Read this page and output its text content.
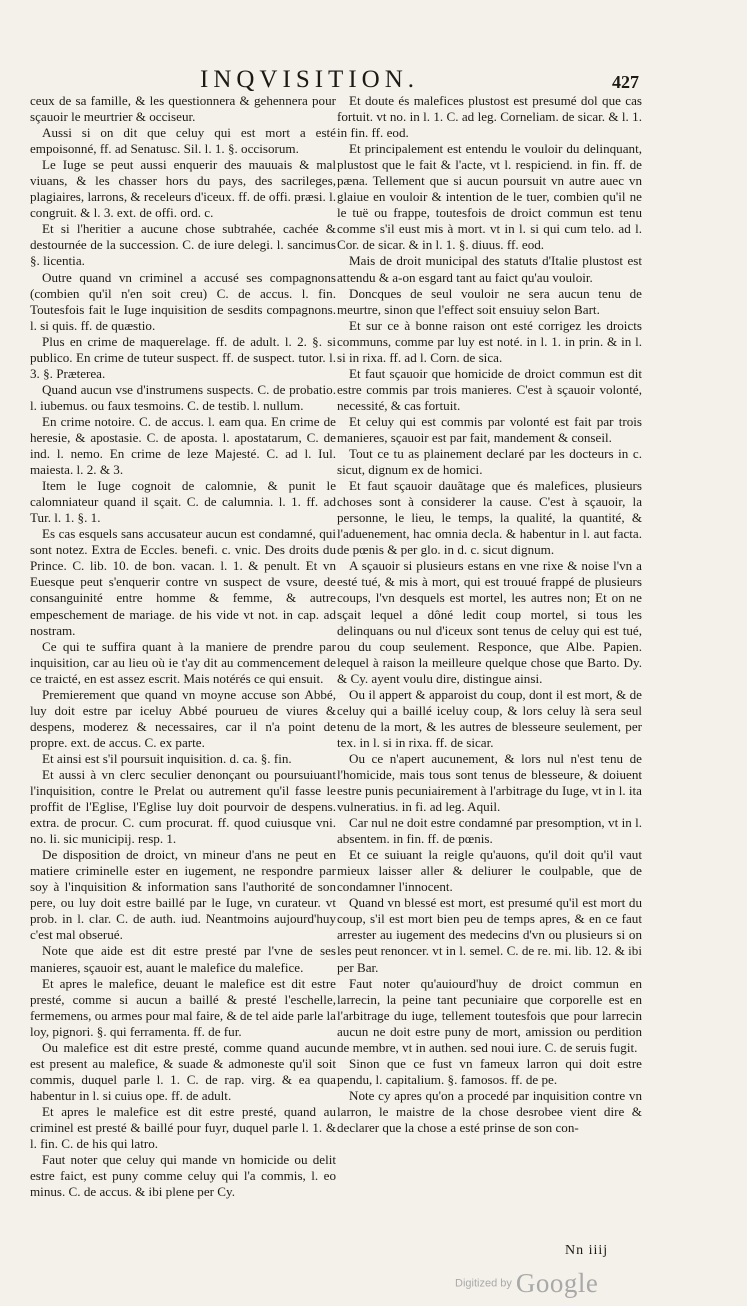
INQVISITION.	427

ceux de sa famille, & les questionnera & gehennera pour sçauoir le meurtrier & occiseur.

Aussi si on dit que celuy qui est mort a esté empoisonné, ff. ad Senatusc. Sil. l. 1. §. occisorum.

Le Iuge se peut aussi enquerir des mauuais & mal viuans, & les chasser hors du pays, des sacrileges, plagiaires, larrons, & receleurs d'iceux. ff. de offi. præsi. l. congruit. & l. 3. ext. de offi. ord. c.

Et si l'heritier a aucune chose subtrahée, cachée & destournée de la succession. C. de iure delegi. l. sancimus §. licentia.

Outre quand vn criminel a accusé ses compagnons (combien qu'il n'en soit creu) C. de accus. l. fin. Toutesfois fait le Iuge inquisition de sesdits compagnons. l. si quis. ff. de quæstio.

Plus en crime de maquerelage. ff. de adult. l. 2. §. si publico. En crime de tuteur suspect. ff. de suspect. tutor. l. 3. §. Præterea.

Quand aucun vse d'instrumens suspects. C. de probatio. l. iubemus. ou faux tesmoins. C. de testib. l. nullum.

En crime notoire. C. de accus. l. eam qua. En crime de heresie, & apostasie. C. de aposta. l. apostatarum, C. de ind. l. nemo. En crime de leze Majesté. C. ad l. Iul. maiesta. l. 2. & 3.

Item le Iuge cognoit de calomnie, & punit le calomniateur quand il sçait. C. de calumnia. l. 1. ff. ad Tur. l. 1. §. 1.

Es cas esquels sans accusateur aucun est condamné, qui sont notez. Extra de Eccles. benefi. c. vnic. Des droits du Prince. C. lib. 10. de bon. vacan. l. 1. & penult. Et vn Euesque peut s'enquerir contre vn suspect de vsure, de consanguinité entre homme & femme, & autre empeschement de mariage. de his vide vt not. in cap. ad nostram.

Ce qui te suffira quant à la maniere de prendre par inquisition, car au lieu où ie t'ay dit au commencement de ce traicté, en est assez escrit. Mais notérés ce qui ensuit.

Premierement que quand vn moyne accuse son Abbé, luy doit estre par iceluy Abbé pourueu de viures & despens, moderez & necessaires, car il n'a point de propre. ext. de accus. C. ex parte.

Et ainsi est s'il poursuit inquisition. d. ca. §. fin.

Et aussi à vn clerc seculier denonçant ou poursuiuant l'inquisition, contre le Prelat ou autrement qu'il fasse le proffit de l'Eglise, l'Eglise luy doit pourvoir de despens. extra. de procur. C. cum procurat. ff. quod cuiusque vni. no. li. sic municipij. resp. 1.

De disposition de droict, vn mineur d'ans ne peut en matiere criminelle ester en iugement, ne respondre par soy à l'inquisition & information sans l'authorité de son pere, ou luy doit estre baillé par le Iuge, vn curateur. vt prob. in l. clar. C. de auth. iud. Neantmoins aujourd'huy c'est mal obserué.

Note que aide est dit estre presté par l'vne de ses manieres, sçauoir est, auant le malefice du malefice.

Et apres le malefice, deuant le malefice est dit estre presté, comme si aucun a baillé & presté l'eschelle, fermemens, ou armes pour mal faire, & de tel aide parle la loy, pignori. §. qui ferramenta. ff. de fur.

Ou malefice est dit estre presté, comme quand aucun est present au malefice, & suade & admoneste qu'il soit commis, duquel parle l. 1. C. de rap. virg. & ea qua habentur in l. si cuius ope. ff. de adult.

Et apres le malefice est dit estre presté, quand au criminel est presté & baillé pour fuyr, duquel parle l. 1. & l. fin. C. de his qui latro.

Faut noter que celuy qui mande vn homicide ou delit estre faict, est puny comme celuy qui l'a commis, l. eo minus. C. de accus. & ibi plene per Cy.

Et doute és malefices plustost est presumé dol que cas fortuit. vt no. in l. 1. C. ad leg. Corneliam. de sicar. & l. 1. in fin. ff. eod.

Et principalement est entendu le vouloir du delinquant, plustost que le fait & l'acte, vt l. respiciend. in fin. ff. de pæna. Tellement que si aucun poursuit vn autre auec vn glaiue en vouloir & intention de le tuer, combien qu'il ne le tuë ou frappe, toutesfois de droict commun est tenu comme s'il eust mis à mort. vt in l. si qui cum telo. ad l. Cor. de sicar. & in l. 1. §. diuus. ff. eod.

Mais de droit municipal des statuts d'Italie plustost est attendu & a-on esgard tant au faict qu'au vouloir.

Doncques de seul vouloir ne sera aucun tenu de meurtre, sinon que l'effect soit ensuiuy selon Bart.

Et sur ce à bonne raison ont esté corrigez les droicts communs, comme par luy est noté. in l. 1. in prin. & in l. si in rixa. ff. ad l. Corn. de sica.

Et faut sçauoir que homicide de droict commun est dit estre commis par trois manieres. C'est à sçauoir volonté, necessité, & cas fortuit.

Et celuy qui est commis par volonté est fait par trois manieres, sçauoir est par fait, mandement & conseil.

Tout ce tu as plainement declaré par les docteurs in c. sicut, dignum ex de homici.

Et faut sçauoir dauãtage que és malefices, plusieurs choses sont à considerer la cause. C'est à sçauoir, la personne, le lieu, le temps, la qualité, la quantité, & l'aduenement, hac omnia decla. & habentur in l. aut facta. de pœnis & per glo. in d. c. sicut dignum.

A sçauoir si plusieurs estans en vne rixe & noise l'vn a esté tué, & mis à mort, qui est trouué frappé de plusieurs coups, l'vn desquels est mortel, les autres non; Et on ne sçait lequel a dôné ledit coup mortel, si tous les delinquans ou nul d'iceux sont tenus de celuy qui est tué, ou du coup seulement. Responce, que Albe. Papien. lequel à raison la meilleure quelque chose que Barto. Dy. & Cy. ayent voulu dire, distingue ainsi.

Ou il appert & apparoist du coup, dont il est mort, & de celuy qui a baillé iceluy coup, & lors celuy là sera seul tenu de la mort, & les autres de blesseure seulement, per tex. in l. si in rixa. ff. de sicar.

Ou ce n'apert aucunement, & lors nul n'est tenu de l'homicide, mais tous sont tenus de blesseure, & doiuent estre punis pecuniairement à l'arbitrage du Iuge, vt in l. ita vulneratius. in fi. ad leg. Aquil.

Car nul ne doit estre condamné par presomption, vt in l. absentem. in fin. ff. de pœnis.

Et ce suiuant la reigle qu'auons, qu'il doit qu'il vaut mieux laisser aller & deliurer le coulpable, que de condamner l'innocent.

Quand vn blessé est mort, est presumé qu'il est mort du coup, s'il est mort bien peu de temps apres, & en ce faut arrester au iugement des medecins d'vn ou plusieurs si on les peut renoncer. vt in l. semel. C. de re. mi. lib. 12. & ibi per Bar.

Faut noter qu'auiourd'huy de droict commun en larrecin, la peine tant pecuniaire que corporelle est en l'arbitrage du iuge, tellement toutesfois que pour larrecin aucun ne doit estre puny de mort, amission ou perdition de membre, vt in authen. sed noui iure. C. de seruis fugit.

Sinon que ce fust vn fameux larron qui doit estre pendu, l. capitalium. §. famosos. ff. de pe.

Note cy apres qu'on a procedé par inquisition contre vn larron, le maistre de la chose desrobee vient dire & declarer que la chose a esté prinse de son con-

Nn iiij
Digitized by Google
